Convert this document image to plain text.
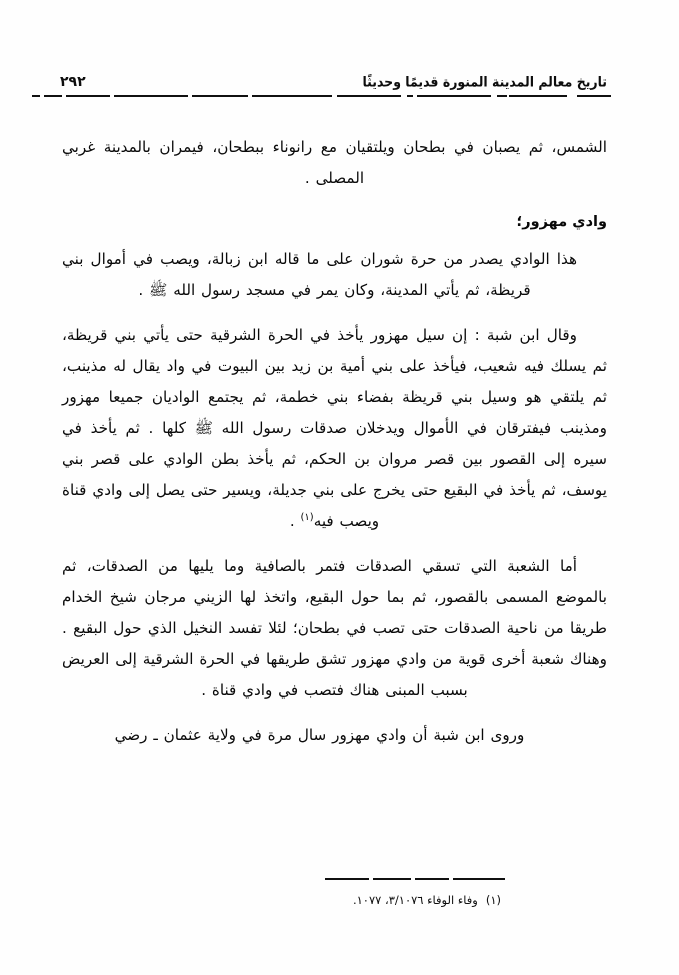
تاريخ معالم المدينة المنورة قديمًا وحديثًا
٢٩٢

الشمس، ثم يصبان في بطحان ويلتقيان مع رانوناء ببطحان، فيمران بالمدينة غربي المصلى .

وادي مهزور؛

هذا الوادي يصدر من حرة شوران على ما قاله ابن زبالة، ويصب في أموال بني قريظة، ثم يأتي المدينة، وكان يمر في مسجد رسول الله ﷺ .

وقال ابن شبة : إن سيل مهزور يأخذ في الحرة الشرقية حتى يأتي بني قريظة، ثم يسلك فيه شعيب، فيأخذ على بني أمية بن زيد بين البيوت في واد يقال له مذينب، ثم يلتقي هو وسيل بني قريظة بفضاء بني خطمة، ثم يجتمع الواديان جميعا مهزور ومذينب فيفترقان في الأموال ويدخلان صدقات رسول الله ﷺ كلها . ثم يأخذ في سيره إلى القصور بين قصر مروان بن الحكم، ثم يأخذ بطن الوادي على قصر بني يوسف، ثم يأخذ في البقيع حتى يخرج على بني جديلة، ويسير حتى يصل إلى وادي قناة ويصب فيه$^{(١)}$ .

أما الشعبة التي تسقي الصدقات فتمر بالصافية وما يليها من الصدقات، ثم بالموضع المسمى بالقصور، ثم بما حول البقيع، واتخذ لها الزيني مرجان شيخ الخدام طريقا من ناحية الصدقات حتى تصب في بطحان؛ لئلا تفسد النخيل الذي حول البقيع . وهناك شعبة أخرى قوية من وادي مهزور تشق طريقها في الحرة الشرقية إلى العريض بسبب المبنى هناك فتصب في وادي قناة .

وروى ابن شبة أن وادي مهزور سال مرة في ولاية عثمان ـ رضي

(١)وفاء الوفاء ٣/١٠٧٦، ١٠٧٧.
